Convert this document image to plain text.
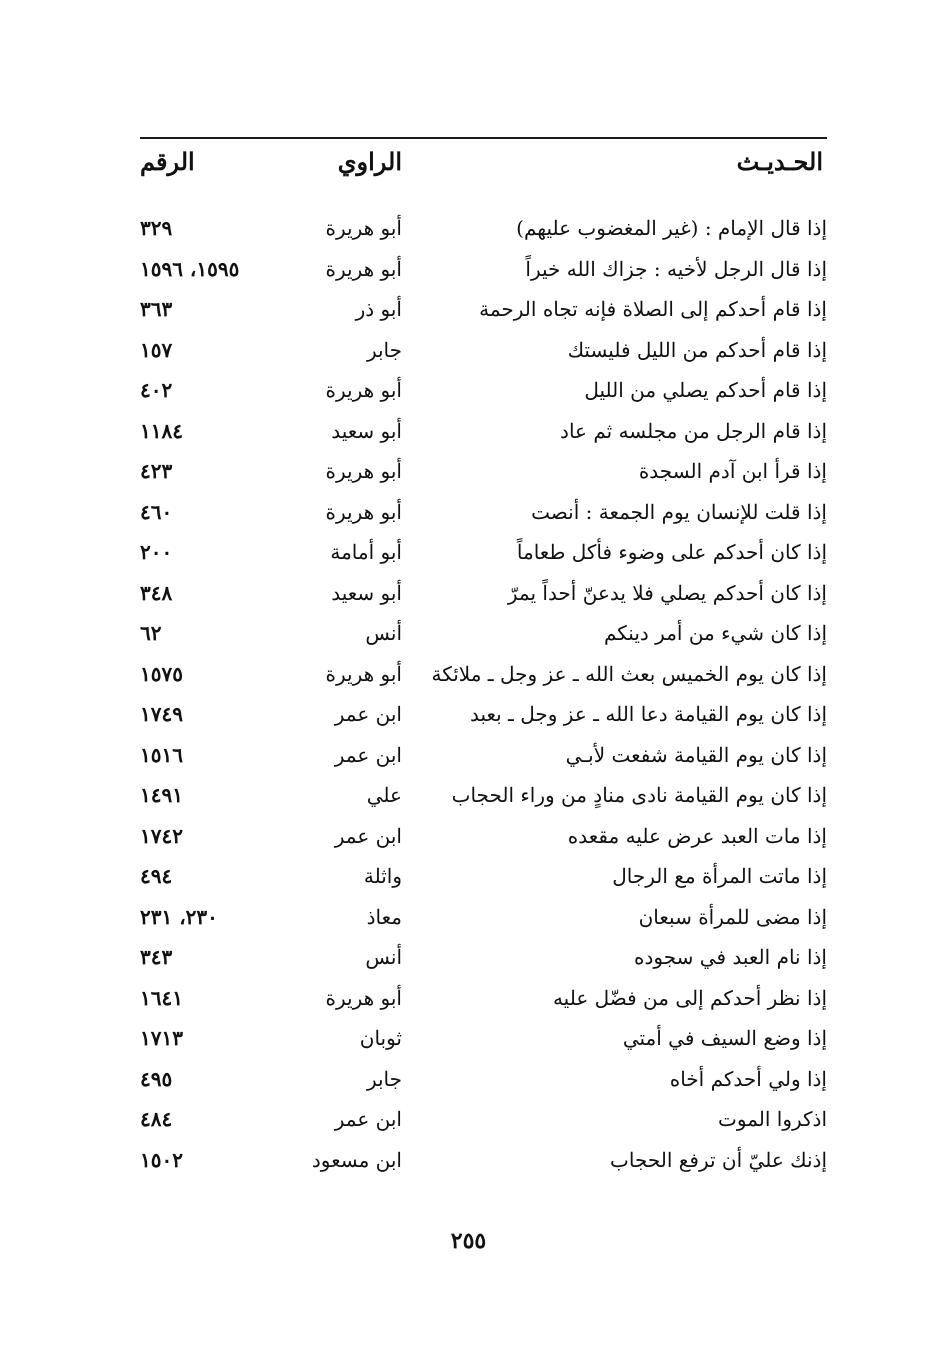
الحـديـث
الراوي
الرقم
إذا قال الإمام : (غير المغضوب عليهم)
أبو هريرة
٣٢٩
إذا قال الرجل لأخيه : جزاك الله خيراً
أبو هريرة
١٥٩٥، ١٥٩٦
إذا قام أحدكم إلى الصلاة فإنه تجاه الرحمة
أبو ذر
٣٦٣
إذا قام أحدكم من الليل فليستك
جابر
١٥٧
إذا قام أحدكم يصلي من الليل
أبو هريرة
٤٠٢
إذا قام الرجل من مجلسه ثم عاد
أبو سعيد
١١٨٤
إذا قرأ ابن آدم السجدة
أبو هريرة
٤٢٣
إذا قلت للإنسان يوم الجمعة : أنصت
أبو هريرة
٤٦٠
إذا كان أحدكم على وضوء فأكل طعاماً
أبو أمامة
٢٠٠
إذا كان أحدكم يصلي فلا يدعنّ أحداً يمرّ
أبو سعيد
٣٤٨
إذا كان شيء من أمر دينكم
أنس
٦٢
إذا كان يوم الخميس بعث الله ـ عز وجل ـ ملائكة
أبو هريرة
١٥٧٥
إذا كان يوم القيامة دعا الله ـ عز وجل ـ بعبد
ابن عمر
١٧٤٩
إذا كان يوم القيامة شفعت لأبـي
ابن عمر
١٥١٦
إذا كان يوم القيامة نادى منادٍ من وراء الحجاب
علي
١٤٩١
إذا مات العبد عرض عليه مقعده
ابن عمر
١٧٤٢
إذا ماتت المرأة مع الرجال
واثلة
٤٩٤
إذا مضى للمرأة سبعان
معاذ
٢٣٠، ٢٣١
إذا نام العبد في سجوده
أنس
٣٤٣
إذا نظر أحدكم إلى من فضّل عليه
أبو هريرة
١٦٤١
إذا وضع السيف في أمتي
ثوبان
١٧١٣
إذا ولي أحدكم أخاه
جابر
٤٩٥
اذكروا الموت
ابن عمر
٤٨٤
إذنك عليّ أن ترفع الحجاب
ابن مسعود
١٥٠٢
٢٥٥
